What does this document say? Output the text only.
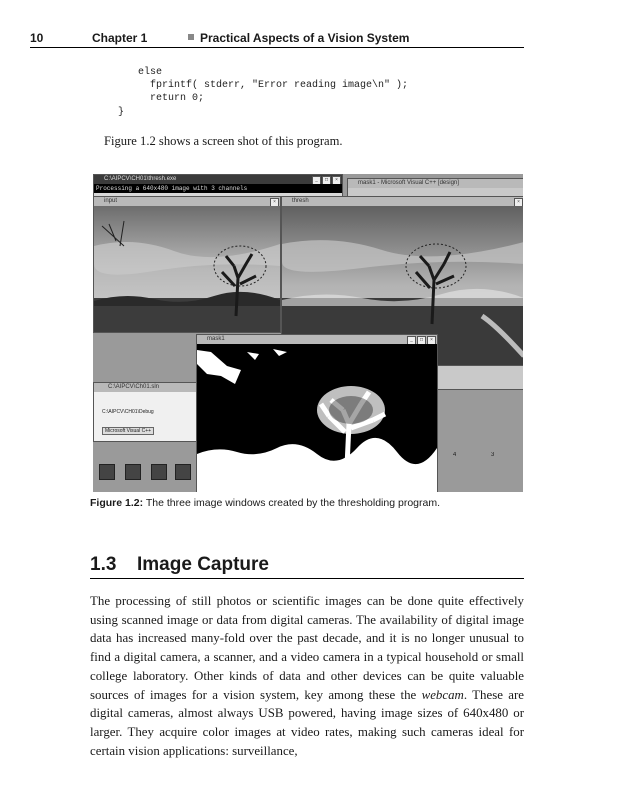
10	Chapter 1	Practical Aspects of a Vision System
else
fprintf( stderr, "Error reading image\n" );
return 0;
}
Figure 1.2 shows a screen shot of this program.
C:\AIPCV\CH01\thresh.exe	_	□	×
Processing a 640x480 image with 3 channels
mask1 - Microsoft Visual C++ [design]
input	×	thresh	×
C:\AIPCV\Ch01.sln
C:\AIPCV\CH01\Debug
Microsoft Visual C++
4	3
mask1	_	□	×
Figure 1.2: The three image windows created by the thresholding program.
1.3 Image Capture

The processing of still photos or scientific images can be done quite effectively using scanned image or data from digital cameras. The availability of digital image data has increased many-fold over the past decade, and it is no longer unusual to find a digital camera, a scanner, and a video camera in a typical household or small college laboratory. Other kinds of data and other devices can be quite valuable sources of images for a vision system, key among these the webcam. These are digital cameras, almost always USB powered, having image sizes of 640x480 or larger. They acquire color images at video rates, making such cameras ideal for certain vision applications: surveillance,
